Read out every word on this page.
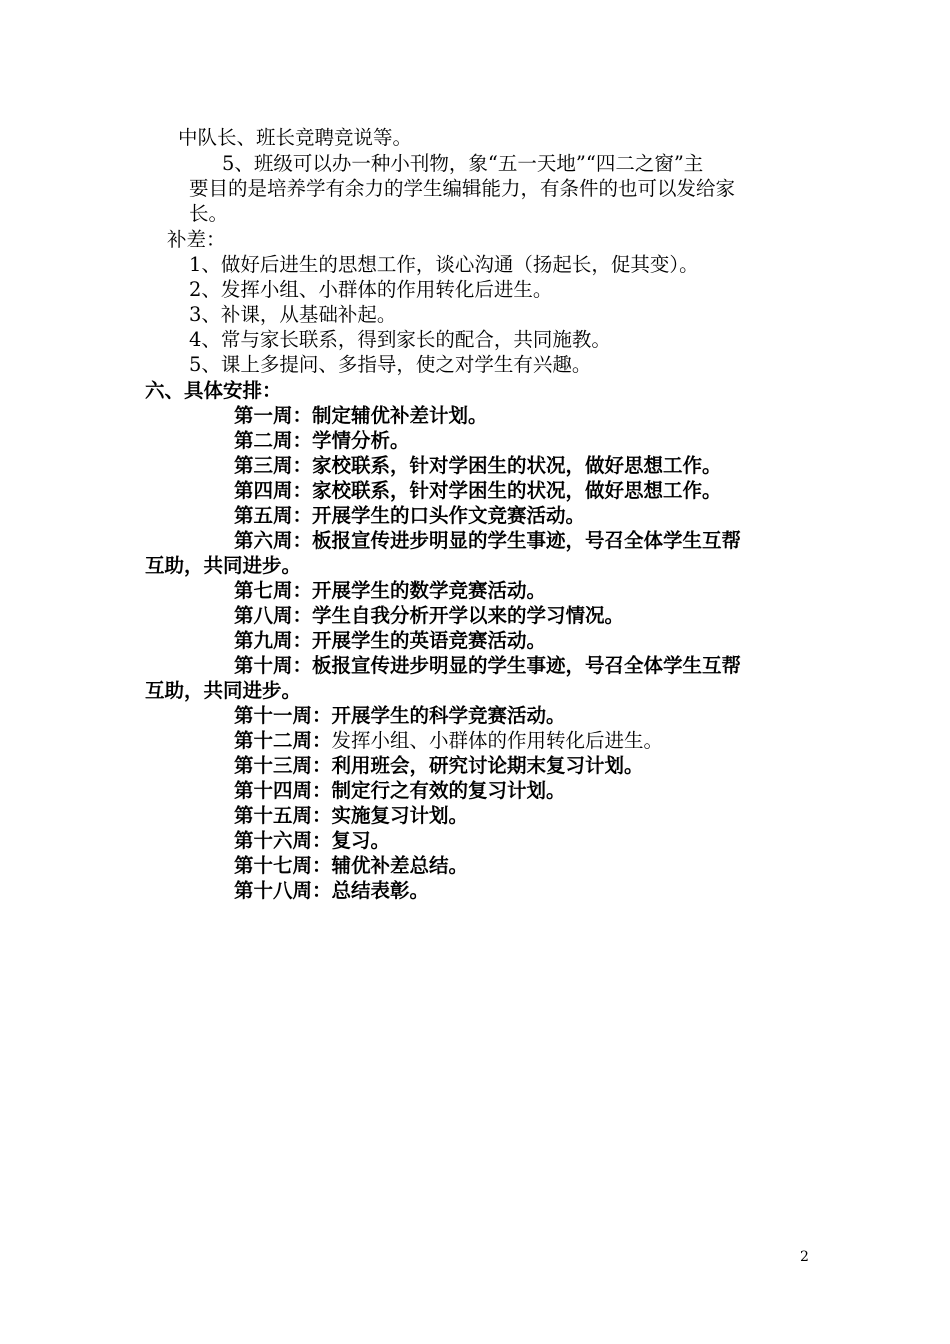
中队长、班长竞聘竞说等。
5、班级可以办一种小刊物，象“五一天地”“四二之窗”主
要目的是培养学有余力的学生编辑能力，有条件的也可以发给家
长。
补差：
1、做好后进生的思想工作，谈心沟通（扬起长，促其变）。
2、发挥小组、小群体的作用转化后进生。
3、补课，从基础补起。
4、常与家长联系，得到家长的配合，共同施教。
5、课上多提问、多指导，使之对学生有兴趣。
六、具体安排：
第一周：制定辅优补差计划。
第二周：学情分析。
第三周：家校联系，针对学困生的状况，做好思想工作。
第四周：家校联系，针对学困生的状况，做好思想工作。
第五周：开展学生的口头作文竞赛活动。
第六周：板报宣传进步明显的学生事迹，号召全体学生互帮
互助，共同进步。
第七周：开展学生的数学竞赛活动。
第八周：学生自我分析开学以来的学习情况。
第九周：开展学生的英语竞赛活动。
第十周：板报宣传进步明显的学生事迹，号召全体学生互帮
互助，共同进步。
第十一周：开展学生的科学竞赛活动。
第十二周：发挥小组、小群体的作用转化后进生。
第十三周：利用班会，研究讨论期末复习计划。
第十四周：制定行之有效的复习计划。
第十五周：实施复习计划。
第十六周：复习。
第十七周：辅优补差总结。
第十八周：总结表彰。
2
